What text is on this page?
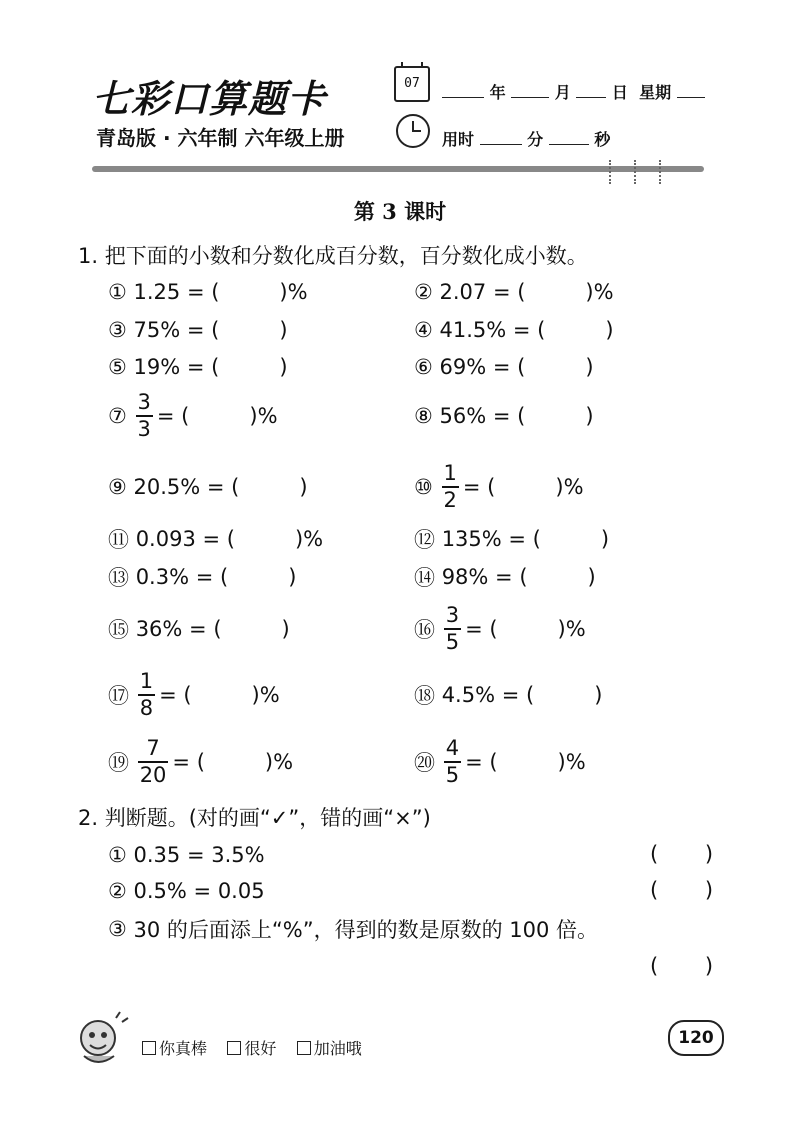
七彩口算题卡
青岛版 · 六年制 六年级上册
07	年	月	日 星期
用时	分	秒
第 3 课时
1. 把下面的小数和分数化成百分数，百分数化成小数。
①
1.25 = (	) %	②
2.07 = (	) %
③
75% = (	)	④
41.5% = (	)
⑤
19% = (	)	⑥
69% = (	)
⑦
$\frac{3}{3}$ = (	) %	⑧
56% = (	)
⑨
20.5% = (	)	⑩
$\frac{1}{2}$ = (	) %
⑪
0.093 = (	) %	⑫
135% = (	)
⑬
0.3% = (	)	⑭
98% = (	)
⑮
36% = (	)	⑯
$\frac{3}{5}$ = (	) %
⑰
$\frac{1}{8}$ = (	) %	⑱
4.5% = (	)
⑲
$\frac{7}{20}$ = (	) %	⑳
$\frac{4}{5}$ = (	) %
2. 判断题。(对的画“✓”，错的画“×”)
①
0.35 = 3.5%	(       )
②
0.5% = 0.05	(       )
③
30 的后面添上“%”，得到的数是原数的 100 倍。
(       )
你真棒 很好 加油哦
120
